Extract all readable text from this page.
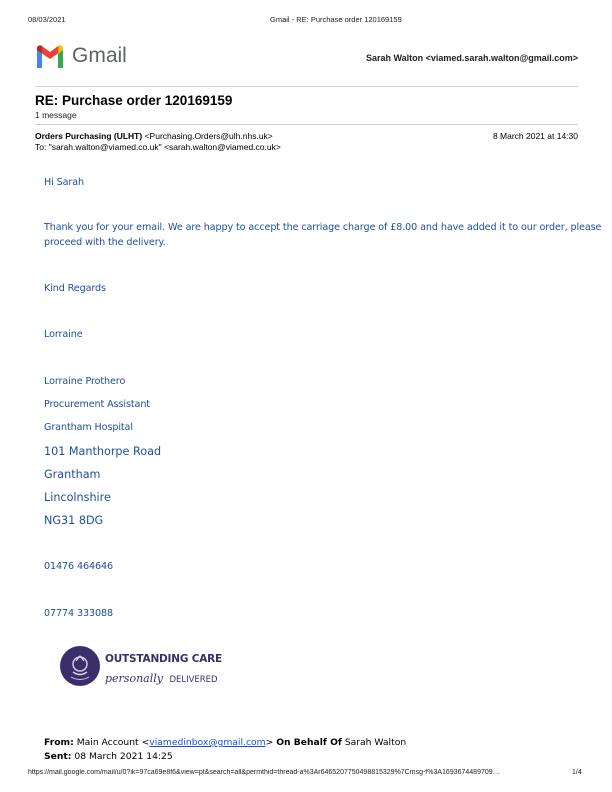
08/03/2021	Gmail - RE: Purchase order 120169159
Gmail	Sarah Walton <viamed.sarah.walton@gmail.com>
RE: Purchase order 120169159
1 message
Orders Purchasing (ULHT) <Purchasing.Orders@ulh.nhs.uk>	8 March 2021 at 14:30
To: "sarah.walton@viamed.co.uk" <sarah.walton@viamed.co.uk>
Hi Sarah
Thank you for your email. We are happy to accept the carriage charge of £8.00 and have added it to our order, please
proceed with the delivery.
Kind Regards
Lorraine
Lorraine Prothero
Procurement Assistant
Grantham Hospital
101 Manthorpe Road
Grantham
Lincolnshire
NG31 8DG
01476 464646
07774 333088
OUTSTANDING CARE
personally DELIVERED
From: Main Account <viamedinbox@gmail.com> On Behalf Of Sarah Walton
Sent: 08 March 2021 14:25
https://mail.google.com/mail/u/0?ik=97ca69e8f6&view=pt&search=all&permthid=thread-a%3Ar6465207750498815329%7Cmsg-f%3A1693674489709…	1/4
